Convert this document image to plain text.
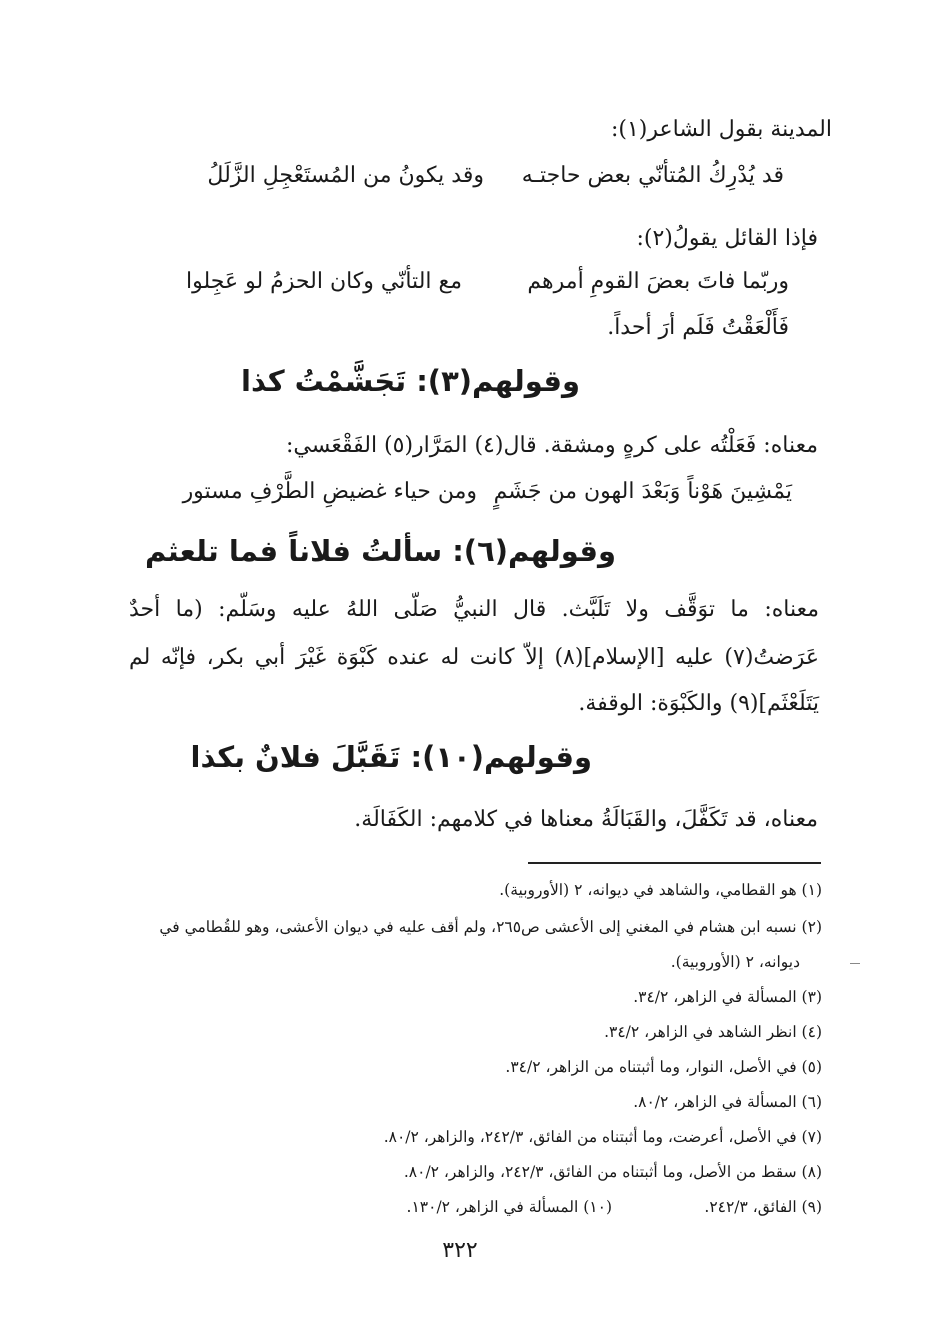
المدينة بقول الشاعر(١):
قد يُدْرِكُ المُتأنّي بعض حاجتـه
وقد يكونُ من المُستَعْجِلِ الزَّلَلُ
فإذا القائل يقولُ(٢):
وربّما فاتَ بعضَ القومِ أمرهم
مع التأنّي وكان الحزمُ لو عَجِلوا
فَأَلْعَقْتُ فَلَم أرَ أحداً.
وقولهم(٣): تَجَشَّمْتُ كذا
معناه: فَعَلْتُه على كرهٍ ومشقة. قال(٤) المَرَّار(٥) الفَقْعَسي:
يَمْشِينَ هَوْناً وَبَعْدَ الهون من جَشَمٍ
ومن حياء غضيضِ الطَّرْفِ مستور
وقولهم(٦): سألتُ فلاناً فما تلعثم
معناه: ما توَقَّف ولا تَلَبَّث. قال النبيُّ صَلّى اللهُ عليه وسَلّم: (ما أحدٌ
عَرَضتُ(٧) عليه [الإسلام](٨) إلاّ كانت له عنده كَبْوَة غَيْرَ أبي بكر، فإنّه لم
يَتَلَعْثَم](٩) والكَبْوَة: الوقفة.
وقولهم(١٠): تَقَبَّلَ فلانٌ بكذا
معناه، قد تَكَفَّلَ، والقَبَالَةُ معناها في كلامهم: الكَفَالَة.
(١) هو القطامي، والشاهد في ديوانه، ٢ (الأوروبية).
(٢) نسبه ابن هشام في المغني إلى الأعشى ص٢٦٥، ولم أقف عليه في ديوان الأعشى، وهو للقُطامي في
ديوانه، ٢ (الأوروبية).
(٣) المسألة في الزاهر، ٣٤/٢.
(٤) انظر الشاهد في الزاهر، ٣٤/٢.
(٥) في الأصل، النوار، وما أثبتناه من الزاهر، ٣٤/٢.
(٦) المسألة في الزاهر، ٨٠/٢.
(٧) في الأصل، أعرضت، وما أثبتناه من الفائق، ٢٤٢/٣، والزاهر، ٨٠/٢.
(٨) سقط من الأصل، وما أثبتناه من الفائق، ٢٤٢/٣، والزاهر، ٨٠/٢.
(٩) الفائق، ٢٤٢/٣.
(١٠) المسألة في الزاهر، ١٣٠/٢.
٣٢٢
